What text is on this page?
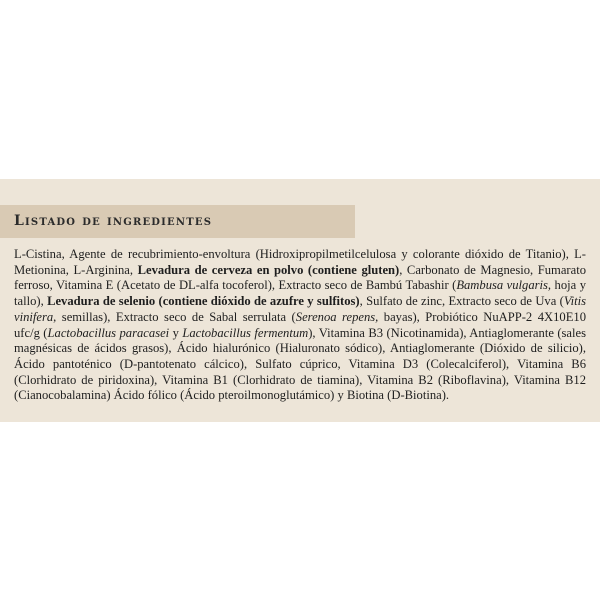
Listado de ingredientes

L-Cistina, Agente de recubrimiento-envoltura (Hidroxipropilmetilcelulosa y colorante dióxido de Titanio), L-Metionina, L-Arginina, Levadura de cerveza en polvo (contiene gluten), Carbonato de Magnesio, Fumarato ferroso, Vitamina E (Acetato de DL-alfa tocoferol), Extracto seco de Bambú Tabashir (Bambusa vulgaris, hoja y tallo), Levadura de selenio (contiene dióxido de azufre y sulfitos), Sulfato de zinc, Extracto seco de Uva (Vitis vinifera, semillas), Extracto seco de Sabal serrulata (Serenoa repens, bayas), Probiótico NuAPP-2 4X10E10 ufc/g (Lactobacillus paracasei y Lactobacillus fermentum), Vitamina B3 (Nicotinamida), Antiaglomerante (sales magnésicas de ácidos grasos), Ácido hialurónico (Hialuronato sódico), Antiaglomerante (Dióxido de silicio), Ácido pantoténico (D-pantotenato cálcico), Sulfato cúprico, Vitamina D3 (Colecalciferol), Vitamina B6 (Clorhidrato de piridoxina), Vitamina B1 (Clorhidrato de tiamina), Vitamina B2 (Riboflavina), Vitamina B12 (Cianocobalamina) Ácido fólico (Ácido pteroilmonoglutámico) y Biotina (D-Biotina).
